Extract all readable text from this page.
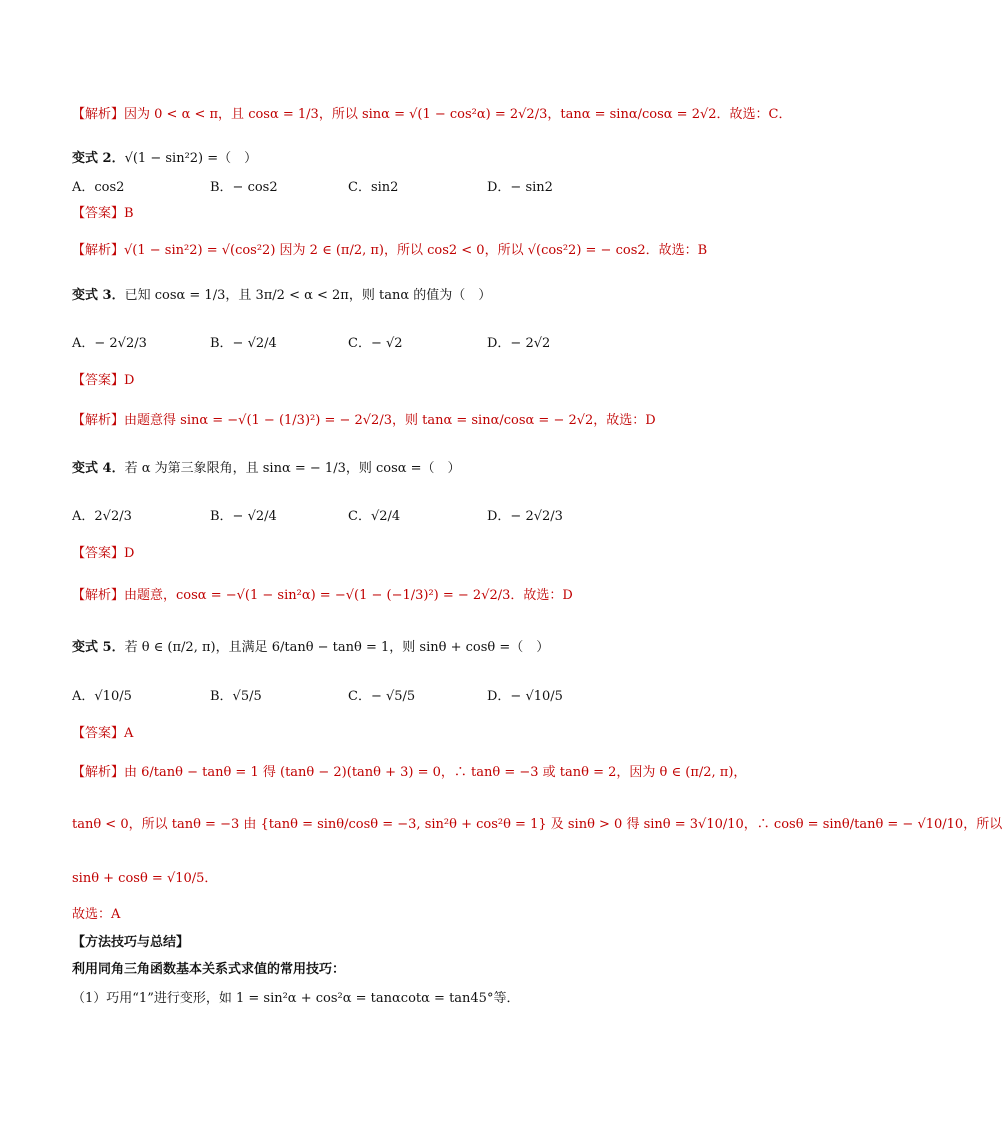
【解析】因为 0 < α < π，且 cosα = 1/3，所以 sinα = √(1 − cos²α) = 2√2/3，tanα = sinα/cosα = 2√2．故选：C．
变式 2．√(1 − sin²2) =（　）
A．cos2	B．− cos2	C．sin2	D．− sin2
【答案】B
【解析】√(1 − sin²2) = √(cos²2) 因为 2 ∈ (π/2, π)，所以 cos2 < 0，所以 √(cos²2) = − cos2．故选：B
变式 3．已知 cosα = 1/3，且 3π/2 < α < 2π，则 tanα 的值为（　）
A．− 2√2/3	B．− √2/4	C．− √2	D．− 2√2
【答案】D
【解析】由题意得 sinα = −√(1 − (1/3)²) = − 2√2/3，则 tanα = sinα/cosα = − 2√2，故选：D
变式 4．若 α 为第三象限角，且 sinα = − 1/3，则 cosα =（　）
A．2√2/3	B．− √2/4	C．√2/4	D．− 2√2/3
【答案】D
【解析】由题意，cosα = −√(1 − sin²α) = −√(1 − (−1/3)²) = − 2√2/3．故选：D
变式 5．若 θ ∈ (π/2, π)，且满足 6/tanθ − tanθ = 1，则 sinθ + cosθ =（　）
A．√10/5	B．√5/5	C．− √5/5	D．− √10/5
【答案】A
【解析】由 6/tanθ − tanθ = 1 得 (tanθ − 2)(tanθ + 3) = 0，∴ tanθ = −3 或 tanθ = 2，因为 θ ∈ (π/2, π)，
tanθ < 0，所以 tanθ = −3 由 {tanθ = sinθ/cosθ = −3, sin²θ + cos²θ = 1} 及 sinθ > 0 得 sinθ = 3√10/10，∴ cosθ = sinθ/tanθ = − √10/10，所以
sinθ + cosθ = √10/5．
故选：A
【方法技巧与总结】
利用同角三角函数基本关系式求值的常用技巧：
（1）巧用“1”进行变形，如 1 = sin²α + cos²α = tanαcotα = tan45°等．
